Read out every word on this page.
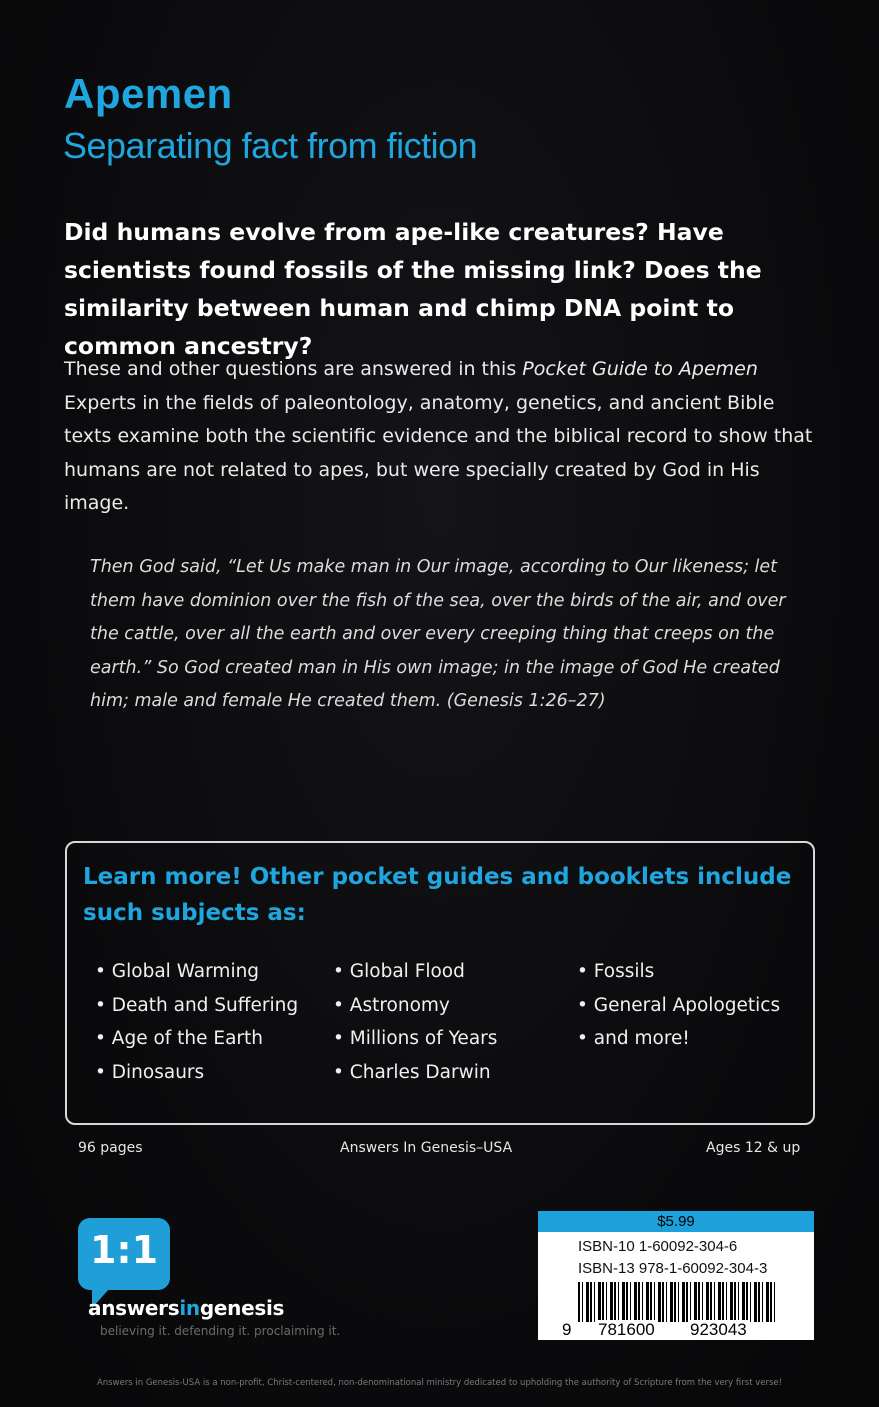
Apemen
Separating fact from fiction

Did humans evolve from ape-like creatures? Have scientists found fossils of the missing link? Does the similarity between human and chimp DNA point to common ancestry?

These and other questions are answered in this Pocket Guide to Apemen Experts in the fields of paleontology, anatomy, genetics, and ancient Bible texts examine both the scientific evidence and the biblical record to show that humans are not related to apes, but were specially created by God in His image.

Then God said, “Let Us make man in Our image, according to Our likeness; let them have dominion over the fish of the sea, over the birds of the air, and over the cattle, over all the earth and over every creeping thing that creeps on the earth.” So God created man in His own image; in the image of God He created him; male and female He created them. (Genesis 1:26–27)

Learn more! Other pocket guides and booklets include such subjects as:

• Global Warming
• Death and Suffering
• Age of the Earth
• Dinosaurs
• Global Flood
• Astronomy
• Millions of Years
• Charles Darwin
• Fossils
• General Apologetics
• and more!
96 pages	Answers In Genesis–USA	Ages 12 & up
1:1
answersingenesis
believing it. defending it. proclaiming it.
$5.99
ISBN-10 1-60092-304-6
ISBN-13 978-1-60092-304-3
9 781600 923043
Answers in Genesis-USA is a non-profit, Christ-centered, non-denominational ministry dedicated to upholding the authority of Scripture from the very first verse!
